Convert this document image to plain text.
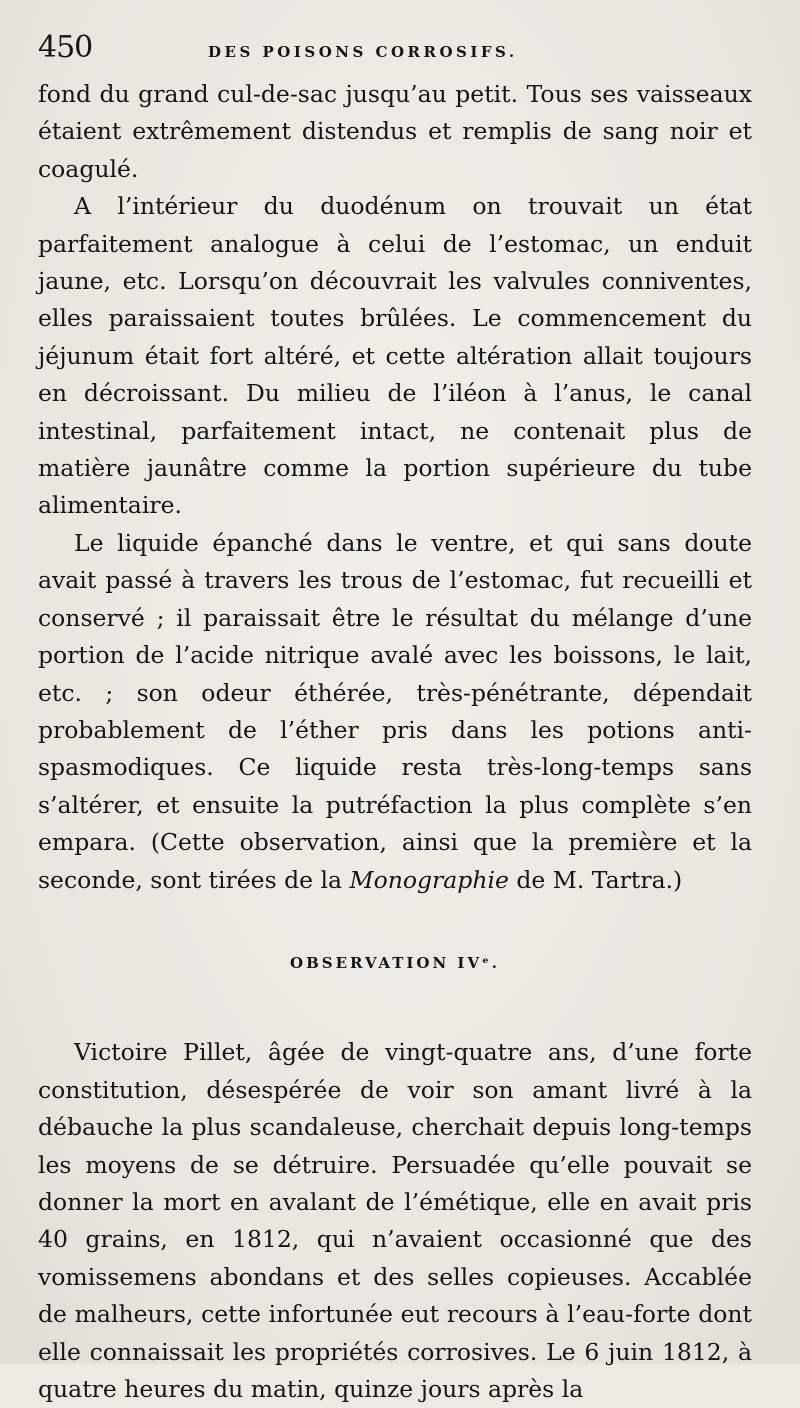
450	DES POISONS CORROSIFS.

fond du grand cul-de-sac jusqu’au petit. Tous ses vaisseaux étaient extrêmement distendus et remplis de sang noir et coagulé.

A l’intérieur du duodénum on trouvait un état parfaitement analogue à celui de l’estomac, un enduit jaune, etc. Lorsqu’on découvrait les valvules conniventes, elles paraissaient toutes brûlées. Le commencement du jéjunum était fort altéré, et cette altération allait toujours en décroissant. Du milieu de l’iléon à l’anus, le canal intestinal, parfaitement intact, ne contenait plus de matière jaunâtre comme la portion supérieure du tube alimentaire.

Le liquide épanché dans le ventre, et qui sans doute avait passé à travers les trous de l’estomac, fut recueilli et conservé ; il paraissait être le résultat du mélange d’une portion de l’acide nitrique avalé avec les boissons, le lait, etc. ; son odeur éthérée, très-pénétrante, dépendait probablement de l’éther pris dans les potions anti-spasmodiques. Ce liquide resta très-long-temps sans s’altérer, et ensuite la putréfaction la plus complète s’en empara. (Cette observation, ainsi que la première et la seconde, sont tirées de la Monographie de M. Tartra.)

OBSERVATION IVᵉ.

Victoire Pillet, âgée de vingt-quatre ans, d’une forte constitution, désespérée de voir son amant livré à la débauche la plus scandaleuse, cherchait depuis long-temps les moyens de se détruire. Persuadée qu’elle pouvait se donner la mort en avalant de l’émétique, elle en avait pris 40 grains, en 1812, qui n’avaient occasionné que des vomissemens abondans et des selles copieuses. Accablée de malheurs, cette infortunée eut recours à l’eau-forte dont elle connaissait les propriétés corrosives. Le 6 juin 1812, à quatre heures du matin, quinze jours après la
